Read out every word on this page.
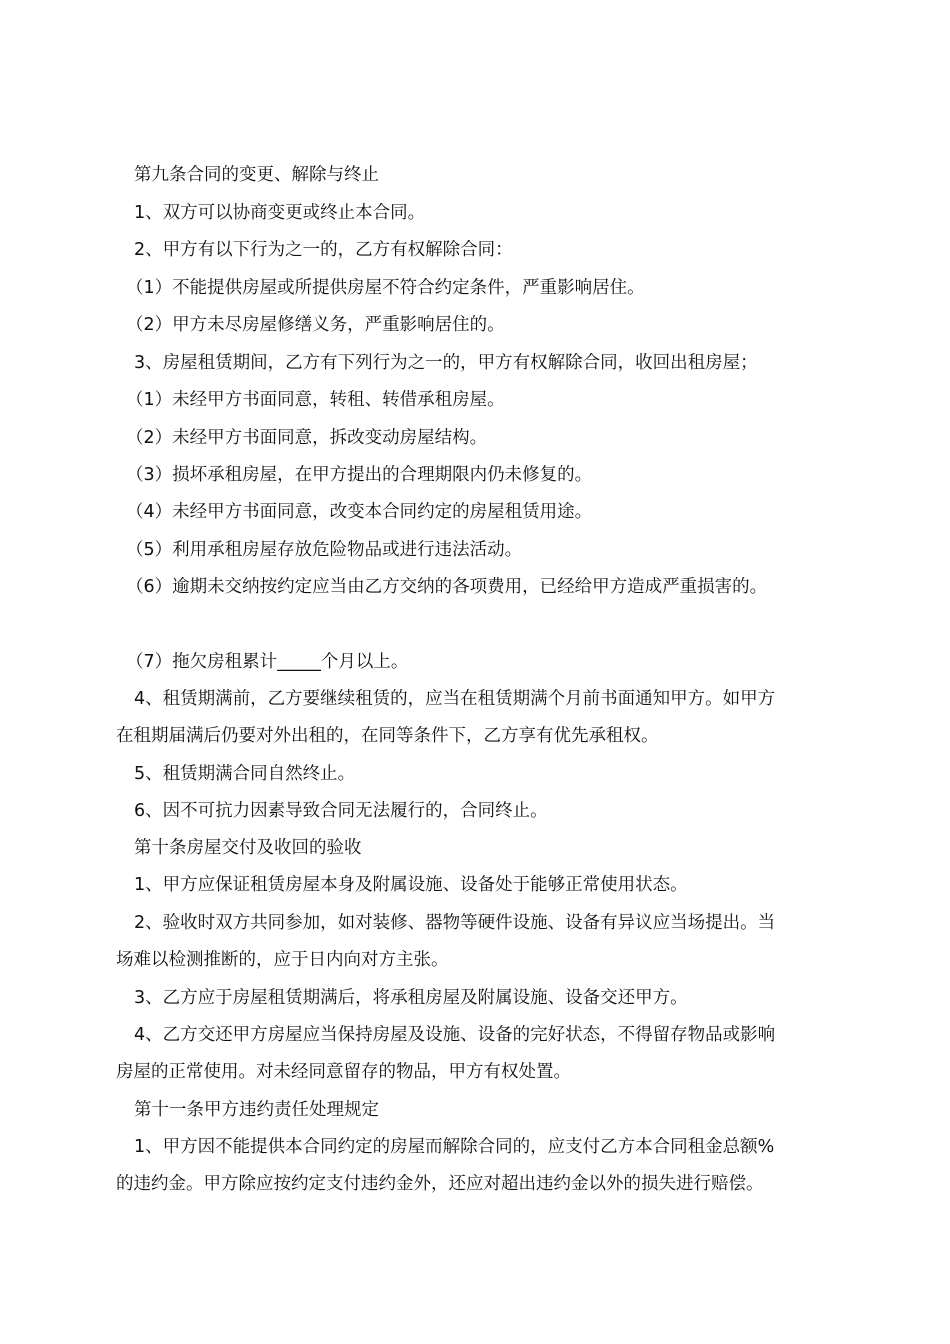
第九条合同的变更、解除与终止
1、双方可以协商变更或终止本合同。
2、甲方有以下行为之一的，乙方有权解除合同：
（1）不能提供房屋或所提供房屋不符合约定条件，严重影响居住。
（2）甲方未尽房屋修缮义务，严重影响居住的。
3、房屋租赁期间，乙方有下列行为之一的，甲方有权解除合同，收回出租房屋；
（1）未经甲方书面同意，转租、转借承租房屋。
（2）未经甲方书面同意，拆改变动房屋结构。
（3）损坏承租房屋，在甲方提出的合理期限内仍未修复的。
（4）未经甲方书面同意，改变本合同约定的房屋租赁用途。
（5）利用承租房屋存放危险物品或进行违法活动。
（6）逾期未交纳按约定应当由乙方交纳的各项费用，已经给甲方造成严重损害的。
（7）拖欠房租累计_____个月以上。
4、租赁期满前，乙方要继续租赁的，应当在租赁期满个月前书面通知甲方。如甲方
在租期届满后仍要对外出租的，在同等条件下，乙方享有优先承租权。
5、租赁期满合同自然终止。
6、因不可抗力因素导致合同无法履行的，合同终止。
第十条房屋交付及收回的验收
1、甲方应保证租赁房屋本身及附属设施、设备处于能够正常使用状态。
2、验收时双方共同参加，如对装修、器物等硬件设施、设备有异议应当场提出。当
场难以检测推断的，应于日内向对方主张。
3、乙方应于房屋租赁期满后，将承租房屋及附属设施、设备交还甲方。
4、乙方交还甲方房屋应当保持房屋及设施、设备的完好状态，不得留存物品或影响
房屋的正常使用。对未经同意留存的物品，甲方有权处置。
第十一条甲方违约责任处理规定
1、甲方因不能提供本合同约定的房屋而解除合同的，应支付乙方本合同租金总额%
的违约金。甲方除应按约定支付违约金外，还应对超出违约金以外的损失进行赔偿。
